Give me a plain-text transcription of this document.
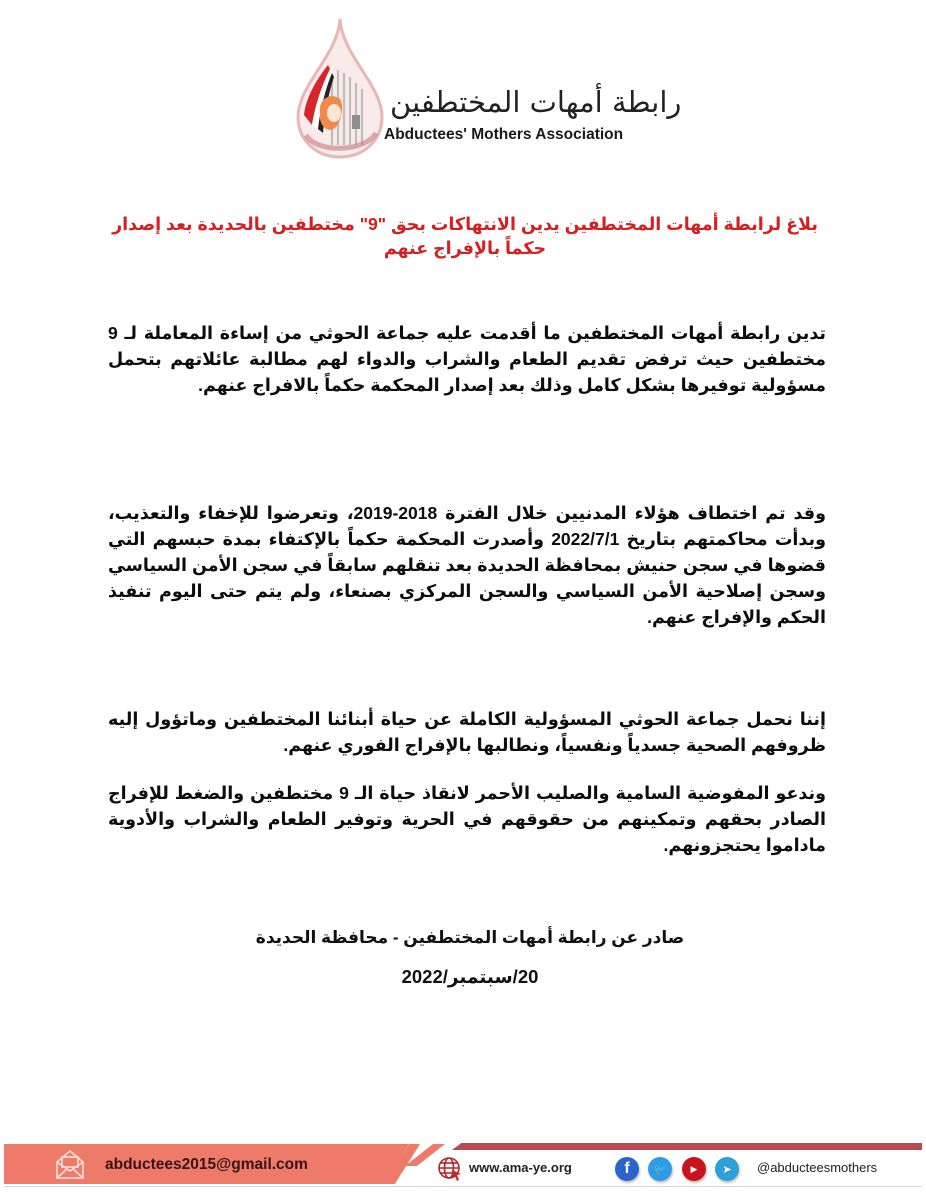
رابطة أمهات المختطفين
Abductees' Mothers Association
بلاغ لرابطة أمهات المختطفين يدين الانتهاكات بحق "9" مختطفين بالحديدة بعد إصدار
حكماً بالإفراج عنهم
تدين رابطة أمهات المختطفين ما أقدمت عليه جماعة الحوثي من إساءة المعاملة لـ 9 مختطفين حيث ترفض تقديم الطعام والشراب والدواء لهم مطالبة عائلاتهم بتحمل مسؤولية توفيرها بشكل كامل وذلك بعد إصدار المحكمة حكماً بالافراج عنهم.
وقد تم اختطاف هؤلاء المدنيين خلال الفترة 2018-2019، وتعرضوا للإخفاء والتعذيب، وبدأت محاكمتهم بتاريخ 2022/7/1 وأصدرت المحكمة حكماً بالإكتفاء بمدة حبسهم التي قضوها في سجن حنيش بمحافظة الحديدة بعد تنقلهم سابقاً في سجن الأمن السياسي وسجن إصلاحية الأمن السياسي والسجن المركزي بصنعاء، ولم يتم حتى اليوم تنفيذ الحكم والإفراج عنهم.
إننا نحمل جماعة الحوثي المسؤولية الكاملة عن حياة أبنائنا المختطفين وماتؤول إليه ظروفهم الصحية جسدياً ونفسياً، ونطالبها بالإفراج الفوري عنهم.
وندعو المفوضية السامية والصليب الأحمر لانقاذ حياة الـ 9 مختطفين والضغط للإفراج الصادر بحقهم وتمكينهم من حقوقهم في الحرية وتوفير الطعام والشراب والأدوية ماداموا يحتجزونهم.
صادر عن رابطة أمهات المختطفين - محافظة الحديدة
20/سبتمبر/2022
abductees2015@gmail.com	www.ama-ye.org	f 🐦	▶ ➤ @abducteesmothers
